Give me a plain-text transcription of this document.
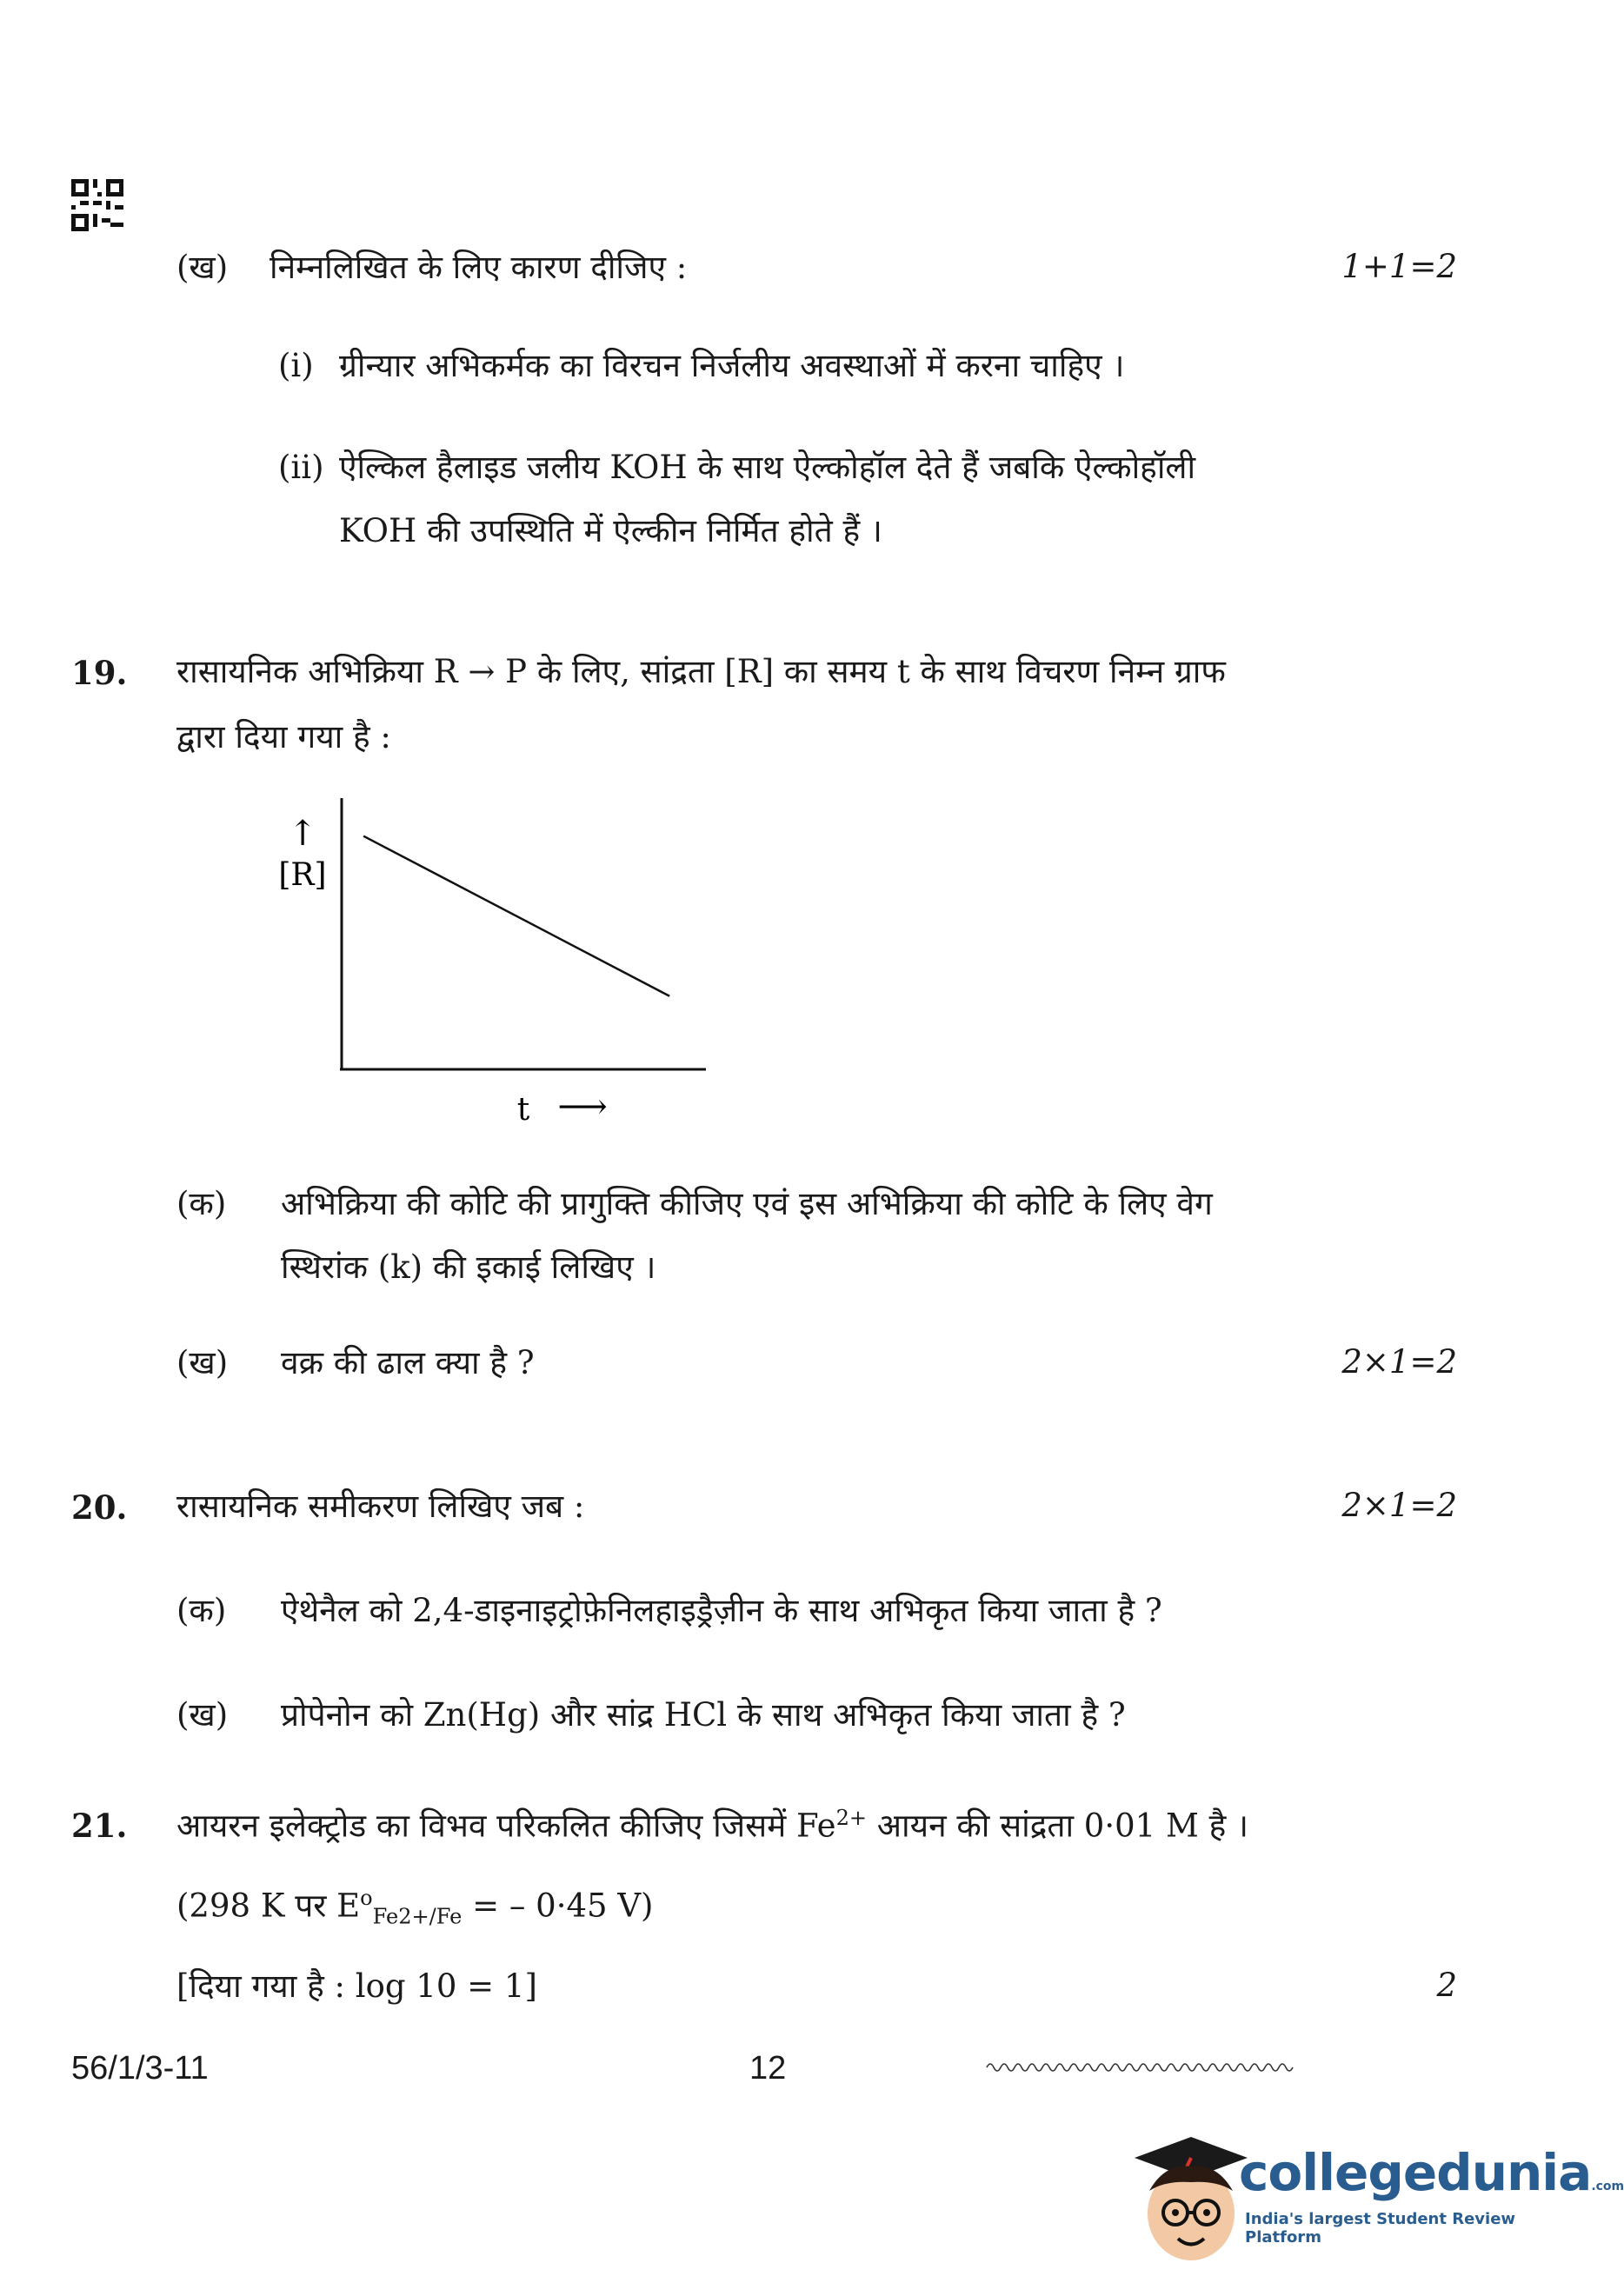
(ख) निम्नलिखित के लिए कारण दीजिए :	1+1=2
(i) ग्रीन्यार अभिकर्मक का विरचन निर्जलीय अवस्थाओं में करना चाहिए ।
(ii) ऐल्किल हैलाइड जलीय KOH के साथ ऐल्कोहॉल देते हैं जबकि ऐल्कोहॉली
KOH की उपस्थिति में ऐल्कीन निर्मित होते हैं ।
19. रासायनिक अभिक्रिया R → P के लिए, सांद्रता [R] का समय t के साथ विचरण निम्न ग्राफ
द्वारा दिया गया है :
↑
[R]
t ⟶
(क) अभिक्रिया की कोटि की प्रागुक्ति कीजिए एवं इस अभिक्रिया की कोटि के लिए वेग
स्थिरांक (k) की इकाई लिखिए ।
(ख) वक्र की ढाल क्या है ?	2×1=2
20. रासायनिक समीकरण लिखिए जब :	2×1=2
(क) ऐथेनैल को 2,4-डाइनाइट्रोफ़ेनिलहाइड्रैज़ीन के साथ अभिकृत किया जाता है ?
(ख) प्रोपेनोन को Zn(Hg) और सांद्र HCl के साथ अभिकृत किया जाता है ?
21. आयरन इलेक्ट्रोड का विभव परिकलित कीजिए जिसमें $Fe^{2+}$ आयन की सांद्रता 0·01 M है ।
(298 K पर $E^o_{Fe2+/Fe}$ = – 0·45 V)
[दिया गया है : log 10 = 1]	2
56/1/3-11	12
collegedunia.com
India's largest Student Review Platform
